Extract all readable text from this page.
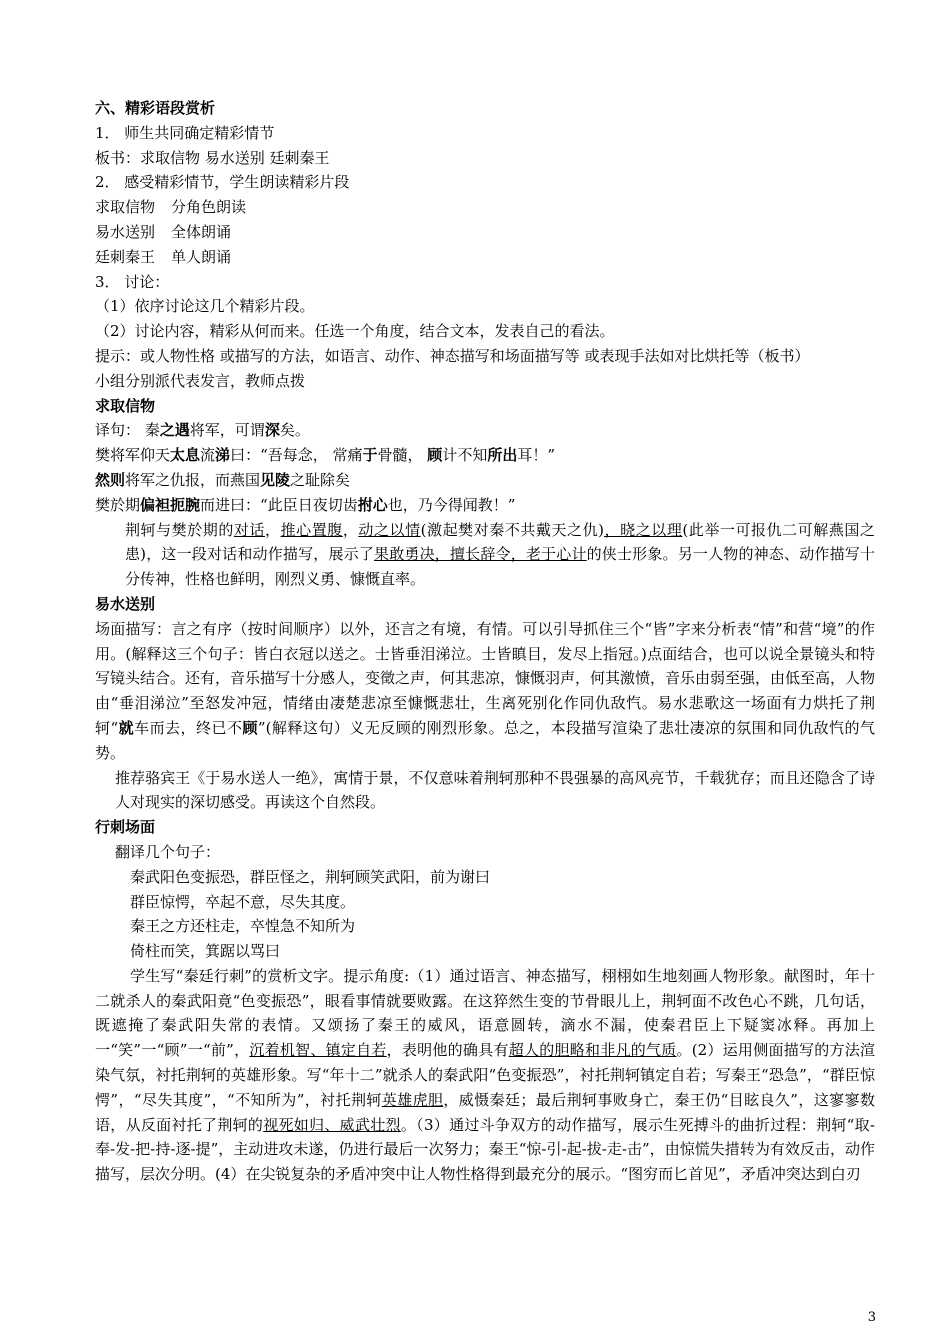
六、精彩语段赏析
1． 师生共同确定精彩情节
板书：求取信物 易水送别 廷刺秦王
2． 感受精彩情节，学生朗读精彩片段
求取信物 分角色朗读
易水送别 全体朗诵
廷刺秦王 单人朗诵
3． 讨论：
（1）依序讨论这几个精彩片段。
（2）讨论内容，精彩从何而来。任选一个角度，结合文本，发表自己的看法。
提示：或人物性格 或描写的方法，如语言、动作、神态描写和场面描写等 或表现手法如对比烘托等（板书）
小组分别派代表发言，教师点拨
求取信物
译句： 秦之遇将军，可谓深矣。
樊将军仰天太息流涕曰：“吾每念， 常痛于骨髓， 顾计不知所出耳！”
然则将军之仇报，而燕国见陵之耻除矣
樊於期偏袒扼腕而进曰：“此臣日夜切齿拊心也，乃今得闻教！”
荆轲与樊於期的对话，推心置腹，动之以情(激起樊对秦不共戴天之仇)，晓之以理(此举一可报仇二可解燕国之患)，这一段对话和动作描写，展示了果敢勇决，擅长辞令，老于心计的侠士形象。另一人物的神态、动作描写十分传神，性格也鲜明，刚烈义勇、慷慨直率。
易水送别
场面描写：言之有序（按时间顺序）以外，还言之有境，有情。可以引导抓住三个“皆”字来分析表“情”和营“境”的作用。(解释这三个句子：皆白衣冠以送之。士皆垂泪涕泣。士皆瞋目，发尽上指冠。)点面结合，也可以说全景镜头和特写镜头结合。还有，音乐描写十分感人，变徵之声，何其悲凉，慷慨羽声，何其激愤，音乐由弱至强，由低至高，人物由“垂泪涕泣”至怒发冲冠，情绪由凄楚悲凉至慷慨悲壮，生离死别化作同仇敌忾。易水悲歌这一场面有力烘托了荆轲“就车而去，终已不顾”(解释这句）义无反顾的刚烈形象。总之，本段描写渲染了悲壮凄凉的氛围和同仇敌忾的气势。
推荐骆宾王《于易水送人一绝》，寓情于景，不仅意味着荆轲那种不畏强暴的高风亮节，千载犹存；而且还隐含了诗人对现实的深切感受。再读这个自然段。
行刺场面
翻译几个句子：
秦武阳色变振恐，群臣怪之，荆轲顾笑武阳，前为谢曰
群臣惊愕，卒起不意，尽失其度。
秦王之方还柱走，卒惶急不知所为
倚柱而笑，箕踞以骂曰
学生写“秦廷行刺”的赏析文字。提示角度:（1）通过语言、神态描写，栩栩如生地刻画人物形象。献图时，年十二就杀人的秦武阳竟“色变振恐”，眼看事情就要败露。在这猝然生变的节骨眼儿上，荆轲面不改色心不跳，几句话，既遮掩了秦武阳失常的表情。又颂扬了秦王的威风，语意圆转，滴水不漏，使秦君臣上下疑窦冰释。再加上一“笑”一“顾”一“前”，沉着机智、镇定自若，表明他的确具有超人的胆略和非凡的气质。(2）运用侧面描写的方法渲染气氛，衬托荆轲的英雄形象。写“年十二”就杀人的秦武阳“色变振恐”，衬托荆轲镇定自若；写秦王“恐急”，“群臣惊愕”，“尽失其度”，“不知所为”，衬托荆轲英雄虎胆，威慑秦廷；最后荆轲事败身亡，秦王仍“目眩良久”，这寥寥数语，从反面衬托了荆轲的视死如归、威武壮烈。（3）通过斗争双方的动作描写，展示生死搏斗的曲折过程：荆轲“取-奉-发-把-持-逐-提”，主动进攻未遂，仍进行最后一次努力；秦王“惊-引-起-拔-走-击”，由惊慌失措转为有效反击，动作描写，层次分明。(4）在尖锐复杂的矛盾冲突中让人物性格得到最充分的展示。“图穷而匕首见”，矛盾冲突达到白刃
3
